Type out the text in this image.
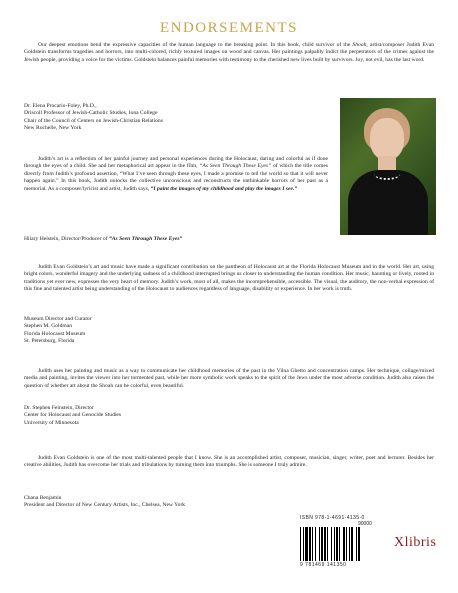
ENDORSEMENTS

Our deepest emotions bend the expressive capacities of the human language to the breaking point. In this book, child survivor of the Shoah, artist/composer Judith Evan Goldstein transforms tragedies and horrors, into multi-colored, richly textured images on wood and canvas. Her paintings palpably indict the perpetrators of the crimes against the Jewish people, providing a voice for the victims. Goldstein balances painful memories with testimony to the cherished new lives built by survivors. Joy, not evil, has the last word.

Dr. Elena Procario-Foley, Ph.D.,
Driscoll Professor of Jewish-Catholic Studies, Iona College
Chair of the Council of Centers on Jewish-Christian Relations
New Rochelle, New York

Judith’s art is a reflection of her painful journey and personal experiences during the Holocaust, daring and colorful as if done through the eyes of a child. She and her metaphorical art appear in the film, “As Seen Through These Eyes” of which the title comes directly from Judith’s profound assertion, “What I’ve seen through these eyes, I made a promise to tell the world so that it will never happen again.” In this book, Judith unlocks the collective unconscious and reconstructs the unthinkable horrors of her past as a memorial. As a composer/lyricist and artist, Judith says, “I paint the images of my childhood and play the images I see.”

Hilary Helstein, Director/Producer of “As Seen Through These Eyes”

Judith Evan Goldstein’s art and music have made a significant contribution on the pantheon of Holocaust art at the Florida Holocaust Museum and in the world. Her art, using bright colors, wonderful imagery and the underlying sadness of a childhood interrupted brings us closer to understanding the human condition. Her music, haunting or lively, rooted in traditions yet ever new, expresses the very heart of memory. Judith’s work, most of all, makes the incomprehensible, accessible. The visual, the auditory, the non-verbal expression of this fine and talented artist being understanding of the Holocaust to audiences regardless of language, disability or experience. In her work is truth.

Museum Director and Curator
Stephen M. Goldman
Florida Holocaust Museum
St. Petersburg, Florida

Judith uses her painting and music as a way to communicate her childhood memories of the past in the Vilna Ghetto and concentration camps. Her technique, collage/mixed media and painting, invites the viewer into her tormented past, while her more symbolic work speaks to the spirit of the Jews under the most adverse condition. Judith also raises the question of whether art about the Shoah can be colorful, even beautiful.

Dr. Stephen Feinstein, Director
Center for Holocaust and Genocide Studies
University of Minnesota

Judith Evan Goldstein is one of the most multi-talented people that I know. She is an accomplished artist, composer, musician, singer, writer, poet and lecturer. Besides her creative abilities, Judith has overcome her trials and tribulations by turning them into triumphs. She is someone I truly admire.

Chana Benjamin
President and Director of New Century Artists, Inc., Chelsea, New York
ISBN 978-1-4691-4135-0
90000
9 781469 141350
Xlibris
